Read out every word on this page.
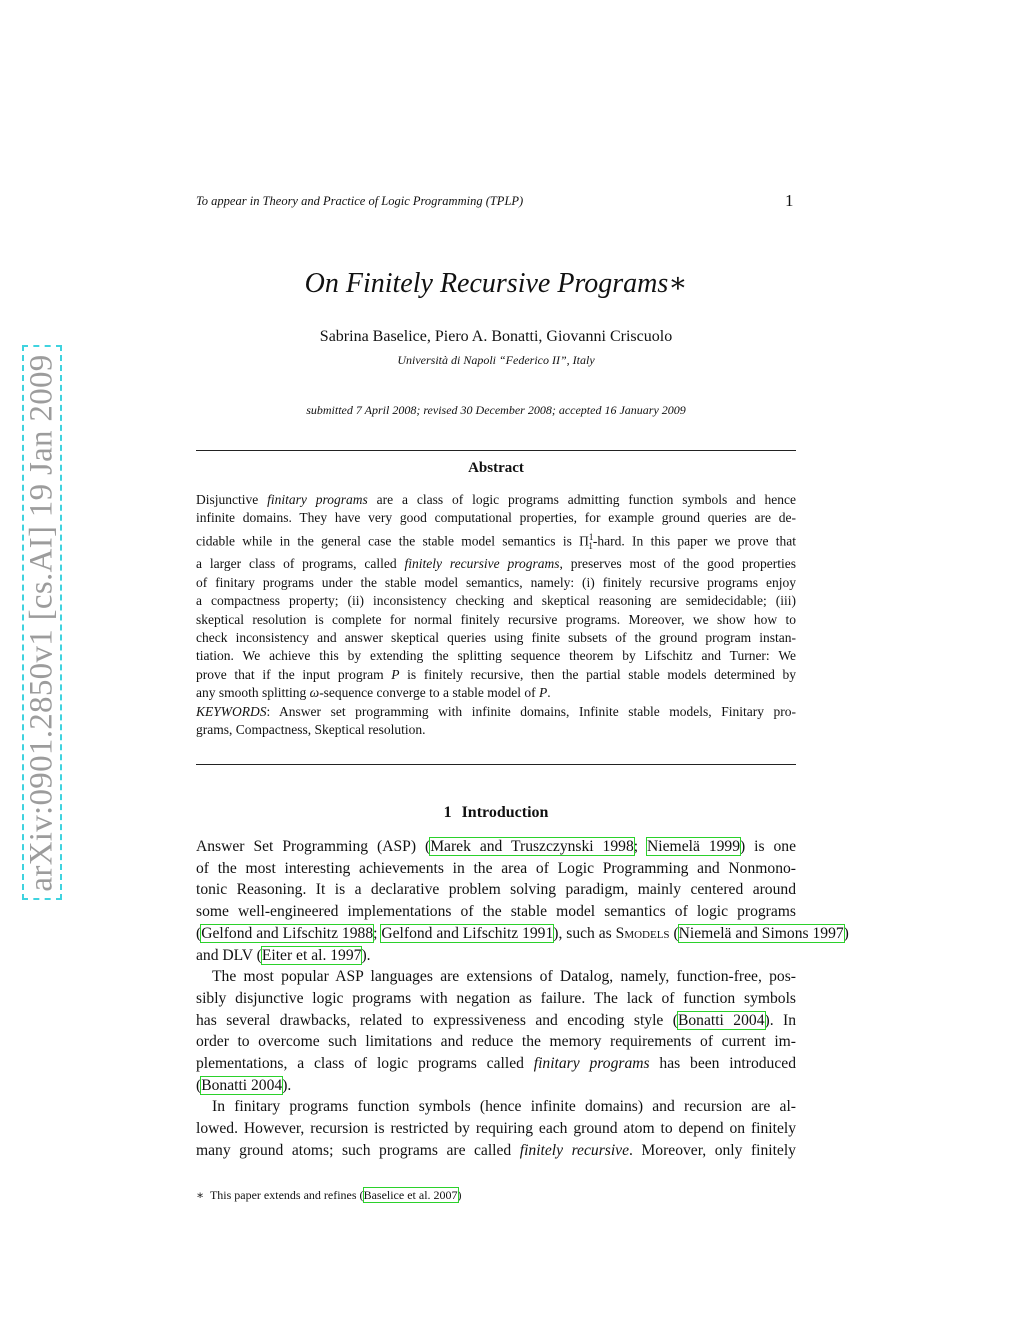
arXiv:0901.2850v1 [cs.AI] 19 Jan 2009
To appear in Theory and Practice of Logic Programming (TPLP)	1
On Finitely Recursive Programs∗
Sabrina Baselice, Piero A. Bonatti, Giovanni Criscuolo
Università di Napoli “Federico II”, Italy
submitted 7 April 2008; revised 30 December 2008; accepted 16 January 2009
Abstract
Disjunctive finitary programs are a class of logic programs admitting function symbols and hence
infinite domains. They have very good computational properties, for example ground queries are de-
cidable while in the general case the stable model semantics is $\Pi^1_1$-hard. In this paper we prove that
a larger class of programs, called finitely recursive programs, preserves most of the good properties
of finitary programs under the stable model semantics, namely: (i) finitely recursive programs enjoy
a compactness property; (ii) inconsistency checking and skeptical reasoning are semidecidable; (iii)
skeptical resolution is complete for normal finitely recursive programs. Moreover, we show how to
check inconsistency and answer skeptical queries using finite subsets of the ground program instan-
tiation. We achieve this by extending the splitting sequence theorem by Lifschitz and Turner: We
prove that if the input program P is finitely recursive, then the partial stable models determined by
any smooth splitting ω-sequence converge to a stable model of P.
KEYWORDS: Answer set programming with infinite domains, Infinite stable models, Finitary pro-
grams, Compactness, Skeptical resolution.
1 Introduction
Answer Set Programming (ASP) (Marek and Truszczynski 1998; Niemelä 1999) is one
of the most interesting achievements in the area of Logic Programming and Nonmono-
tonic Reasoning. It is a declarative problem solving paradigm, mainly centered around
some well-engineered implementations of the stable model semantics of logic programs
(Gelfond and Lifschitz 1988; Gelfond and Lifschitz 1991), such as Smodels (Niemelä and Simons 1997)
and DLV (Eiter et al. 1997).
The most popular ASP languages are extensions of Datalog, namely, function-free, pos-
sibly disjunctive logic programs with negation as failure. The lack of function symbols
has several drawbacks, related to expressiveness and encoding style (Bonatti 2004). In
order to overcome such limitations and reduce the memory requirements of current im-
plementations, a class of logic programs called finitary programs has been introduced
(Bonatti 2004).
In finitary programs function symbols (hence infinite domains) and recursion are al-
lowed. However, recursion is restricted by requiring each ground atom to depend on finitely
many ground atoms; such programs are called finitely recursive. Moreover, only finitely
∗ This paper extends and refines (Baselice et al. 2007)
